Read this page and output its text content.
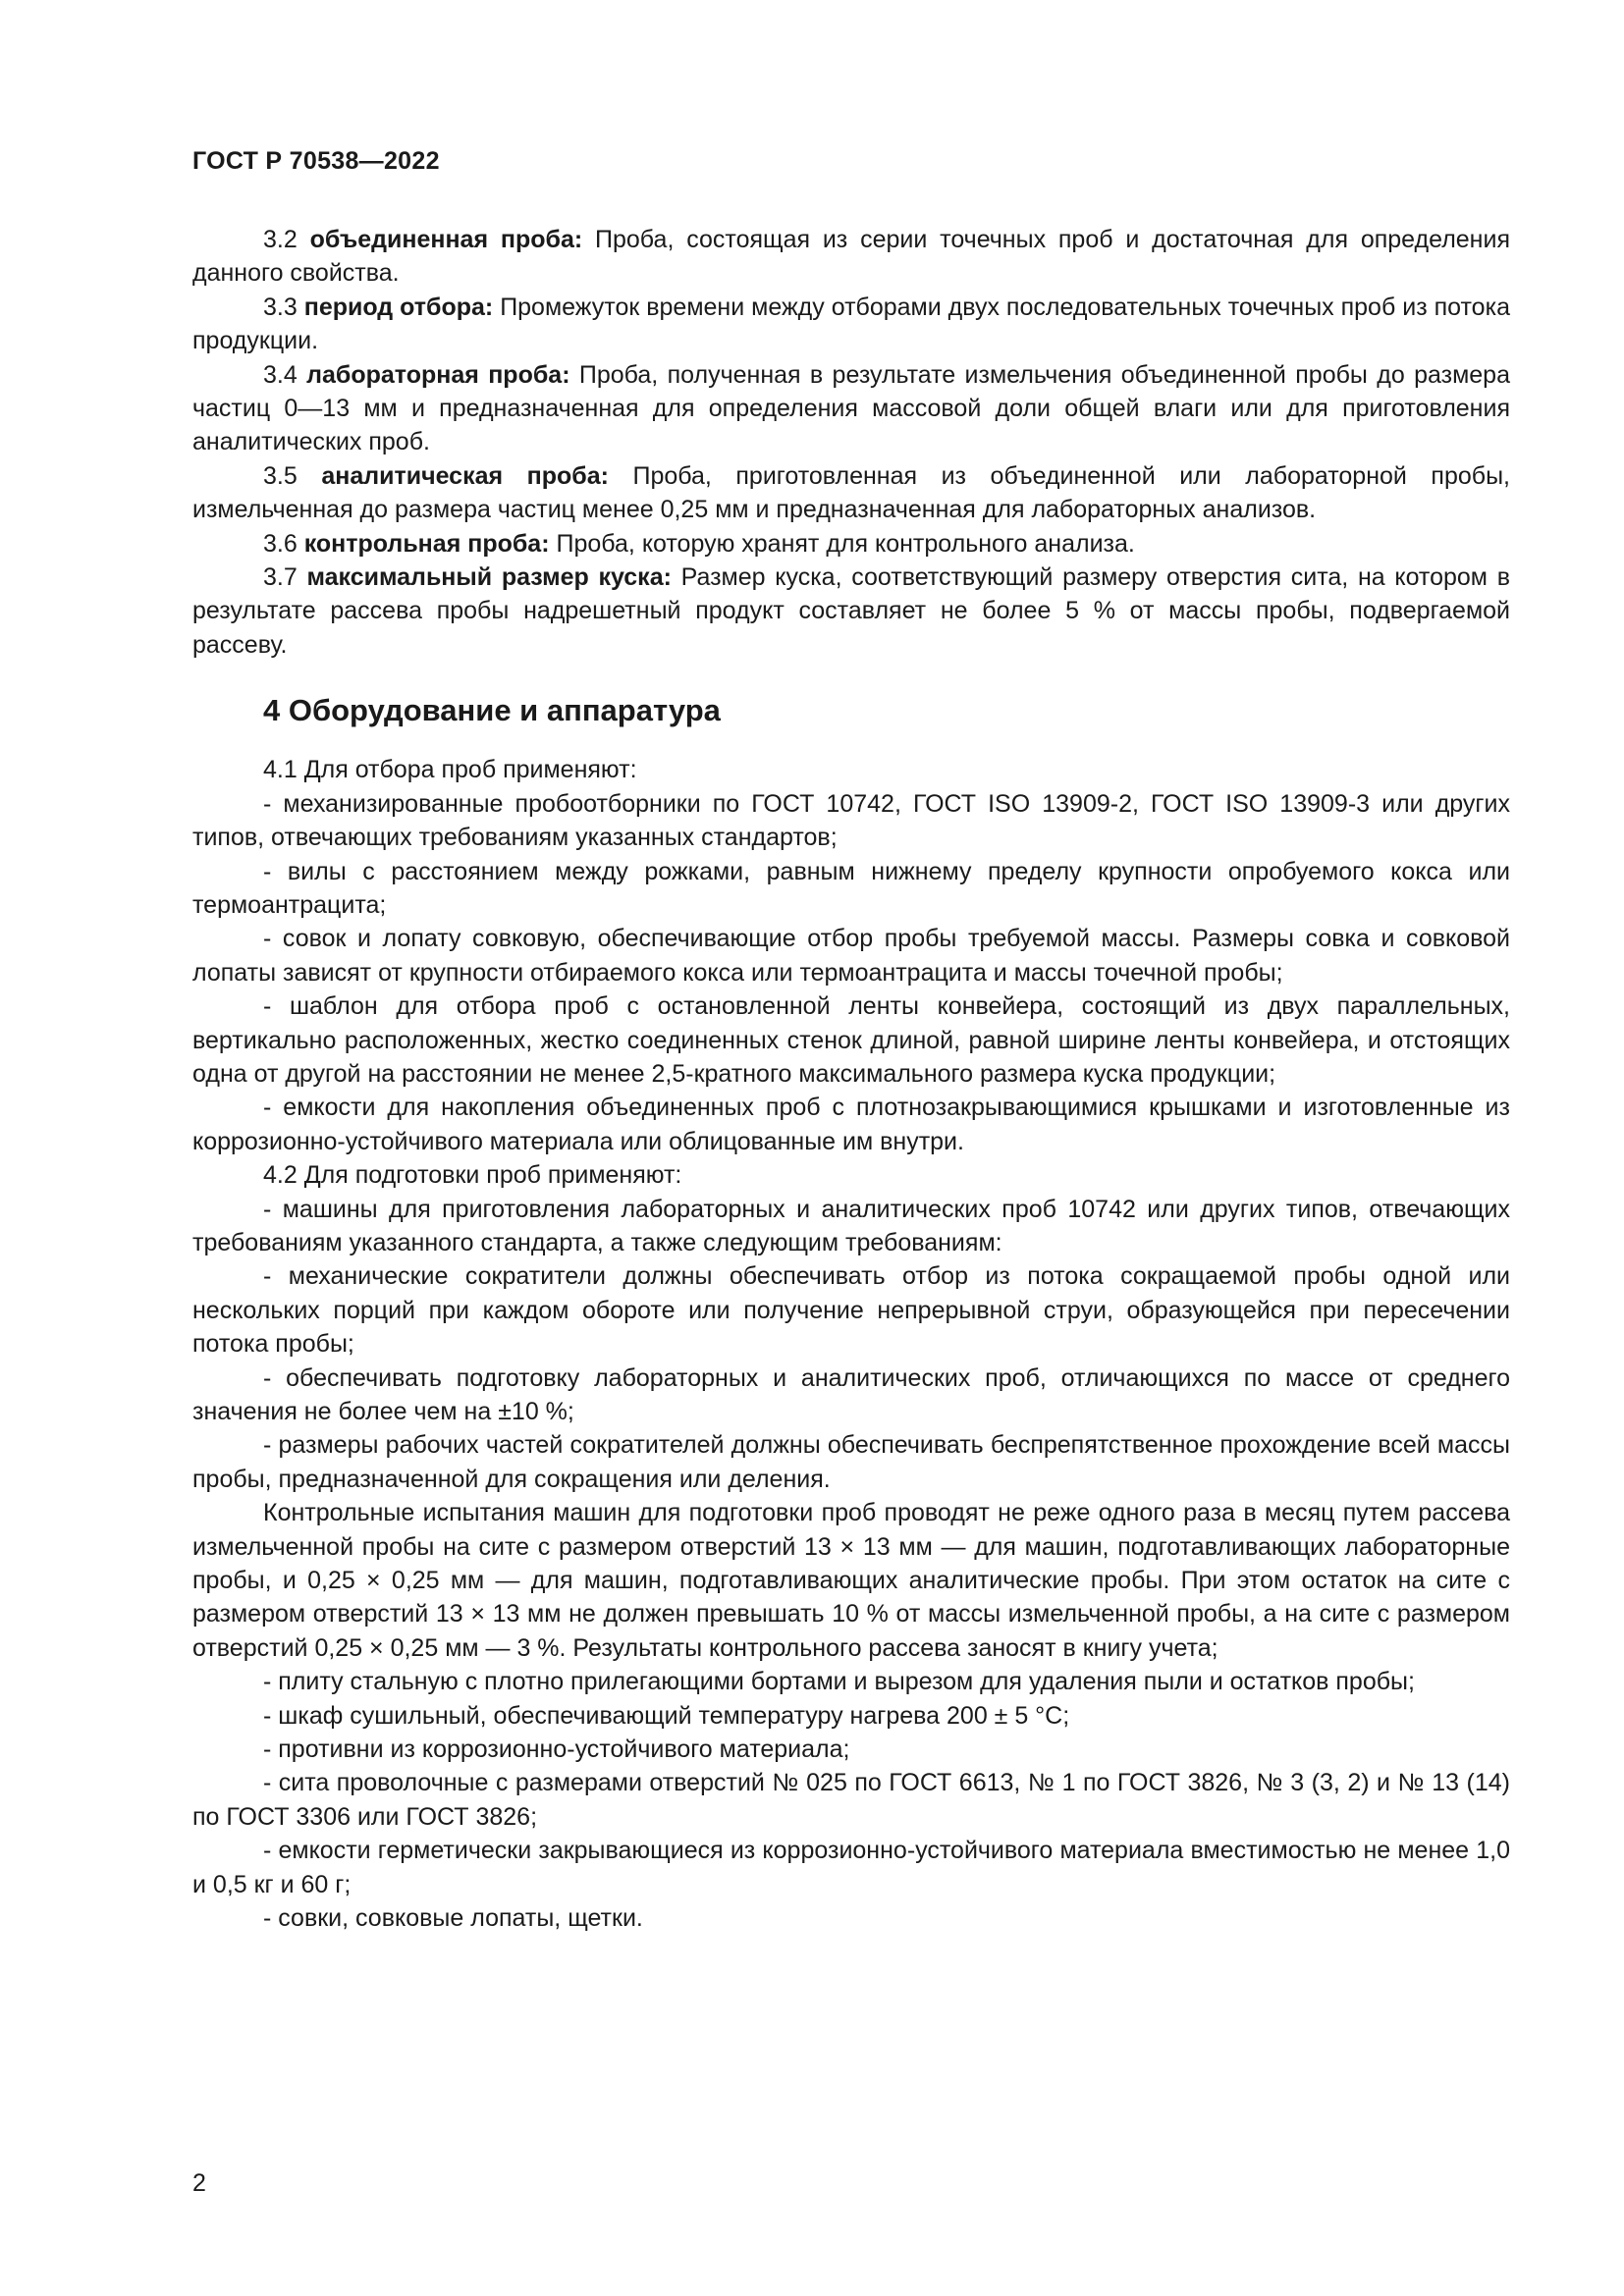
ГОСТ Р 70538—2022

3.2 объединенная проба: Проба, состоящая из серии точечных проб и достаточная для определения данного свойства.

3.3 период отбора: Промежуток времени между отборами двух последовательных точечных проб из потока продукции.

3.4 лабораторная проба: Проба, полученная в результате измельчения объединенной пробы до размера частиц 0—13 мм и предназначенная для определения массовой доли общей влаги или для приготовления аналитических проб.

3.5 аналитическая проба: Проба, приготовленная из объединенной или лабораторной пробы, измельченная до размера частиц менее 0,25 мм и предназначенная для лабораторных анализов.

3.6 контрольная проба: Проба, которую хранят для контрольного анализа.

3.7 максимальный размер куска: Размер куска, соответствующий размеру отверстия сита, на котором в результате рассева пробы надрешетный продукт составляет не более 5 % от массы пробы, подвергаемой рассеву.

4 Оборудование и аппаратура

4.1 Для отбора проб применяют:

- механизированные пробоотборники по ГОСТ 10742, ГОСТ ISO 13909-2, ГОСТ ISO 13909-3 или других типов, отвечающих требованиям указанных стандартов;

- вилы с расстоянием между рожками, равным нижнему пределу крупности опробуемого кокса или термоантрацита;

- совок и лопату совковую, обеспечивающие отбор пробы требуемой массы. Размеры совка и совковой лопаты зависят от крупности отбираемого кокса или термоантрацита и массы точечной пробы;

- шаблон для отбора проб с остановленной ленты конвейера, состоящий из двух параллельных, вертикально расположенных, жестко соединенных стенок длиной, равной ширине ленты конвейера, и отстоящих одна от другой на расстоянии не менее 2,5-кратного максимального размера куска продукции;

- емкости для накопления объединенных проб с плотнозакрывающимися крышками и изготовленные из коррозионно-устойчивого материала или облицованные им внутри.

4.2 Для подготовки проб применяют:

- машины для приготовления лабораторных и аналитических проб 10742 или других типов, отвечающих требованиям указанного стандарта, а также следующим требованиям:

- механические сократители должны обеспечивать отбор из потока сокращаемой пробы одной или нескольких порций при каждом обороте или получение непрерывной струи, образующейся при пересечении потока пробы;

- обеспечивать подготовку лабораторных и аналитических проб, отличающихся по массе от среднего значения не более чем на ±10 %;

- размеры рабочих частей сократителей должны обеспечивать беспрепятственное прохождение всей массы пробы, предназначенной для сокращения или деления.

Контрольные испытания машин для подготовки проб проводят не реже одного раза в месяц путем рассева измельченной пробы на сите с размером отверстий 13 × 13 мм — для машин, подготавливающих лабораторные пробы, и 0,25 × 0,25 мм — для машин, подготавливающих аналитические пробы. При этом остаток на сите с размером отверстий 13 × 13 мм не должен превышать 10 % от массы измельченной пробы, а на сите с размером отверстий 0,25 × 0,25 мм — 3 %. Результаты контрольного рассева заносят в книгу учета;

- плиту стальную с плотно прилегающими бортами и вырезом для удаления пыли и остатков пробы;

- шкаф сушильный, обеспечивающий температуру нагрева 200 ± 5 °C;

- противни из коррозионно-устойчивого материала;

- сита проволочные с размерами отверстий № 025 по ГОСТ 6613, № 1 по ГОСТ 3826, № 3 (3, 2) и № 13 (14) по ГОСТ 3306 или ГОСТ 3826;

- емкости герметически закрывающиеся из коррозионно-устойчивого материала вместимостью не менее 1,0 и 0,5 кг и 60 г;

- совки, совковые лопаты, щетки.

2
